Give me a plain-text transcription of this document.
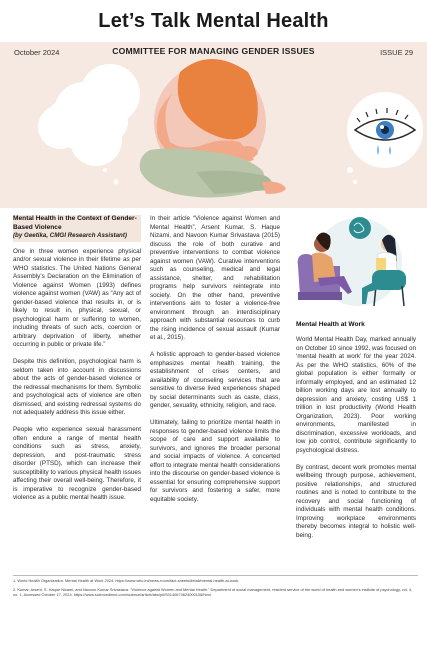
Let’s Talk Mental Health
October 2024	COMMITTEE FOR MANAGING GENDER ISSUES	ISSUE 29
Mental Health in the Context of Gender-Based Violence
(by Geetika, CMGI Research Assistant)

One in three women experience physical and/or sexual violence in their lifetime as per WHO statistics. The United Nations General Assembly’s Declaration on the Elimination of Violence against Women (1993) defines violence against women (VAW) as “Any act of gender-based violence that results in, or is likely to result in, physical, sexual, or psychological harm or suffering to women, including threats of such acts, coercion or arbitrary deprivation of liberty, whether occurring in public or private life.”

Despite this definition, psychological harm is seldom taken into account in discussions about the acts of gender-based violence or the redressal mechanisms for them. Symbolic and psychological acts of violence are often dismissed, and existing redressal systems do not adequately address this issue either.

People who experience sexual harassment often endure a range of mental health conditions such as stress, anxiety, depression, and post-traumatic stress disorder (PTSD), which can increase their susceptibility to various physical health issues affecting their overall well-being. Therefore, it is imperative to recognize gender-based violence as a public mental health issue.

In their article “Violence against Women and Mental Health”, Arsent Kumar, S. Haque Nizami, and Navoon Kumar Srivastava (2015) discuss the role of both curative and preventive interventions to combat violence against women (VAW). Curative interventions such as counseling, medical and legal assistance, shelter, and rehabilitation programs help survivors reintegrate into society. On the other hand, preventive interventions aim to foster a violence-free environment through an interdisciplinary approach with substantial resources to curb the rising incidence of sexual assault (Kumar et al., 2015).

A holistic approach to gender-based violence emphasizes mental health training, the establishment of crises centers, and availability of counseling services that are sensitive to diverse lived experiences shaped by social determinants such as caste, class, gender, sexuality, ethnicity, religion, and race.

Ultimately, failing to prioritize mental health in responses to gender-based violence limits the scope of care and support available to survivors, and ignores the broader personal and social impacts of violence. A concerted effort to integrate mental health considerations into the discourse on gender-based violence is essential for ensuring comprehensive support for survivors and fostering a safer, more equitable society.

Mental Health at Work

World Mental Health Day, marked annually on October 10 since 1992, was focused on ‘mental health at work’ for the year 2024. As per the WHO statistics, 60% of the global population is either formally or informally employed, and an estimated 12 billion working days are lost annually to depression and anxiety, costing US$ 1 trillion in lost productivity (World Health Organization, 2023). Poor working environments, manifested in discrimination, excessive workloads, and low job control, contribute significantly to psychological distress.

By contrast, decent work promotes mental wellbeing through purpose, achievement, positive relationships, and structured routines and is noted to contribute to the recovery and social functioning of individuals with mental health conditions. Improving workplace environments thereby becomes integral to holistic well-being.

1. World Health Organization. Mental Health at Work 2024. https://www.who.int/news-room/fact-sheets/detail/mental-health-at-work.
2. Kumar, Arsent, S. Haque Nizami, and Navoon Kumar Srivastava. “Violence against Women and Mental Health.” Department of social management, resident service of the world of health and women’s institute of psychology, vol. 4, no. 1, Accessed October 17, 2024. https://www.sciencedirect.com/science/article/abs/pii/S0140673624000106/html.
